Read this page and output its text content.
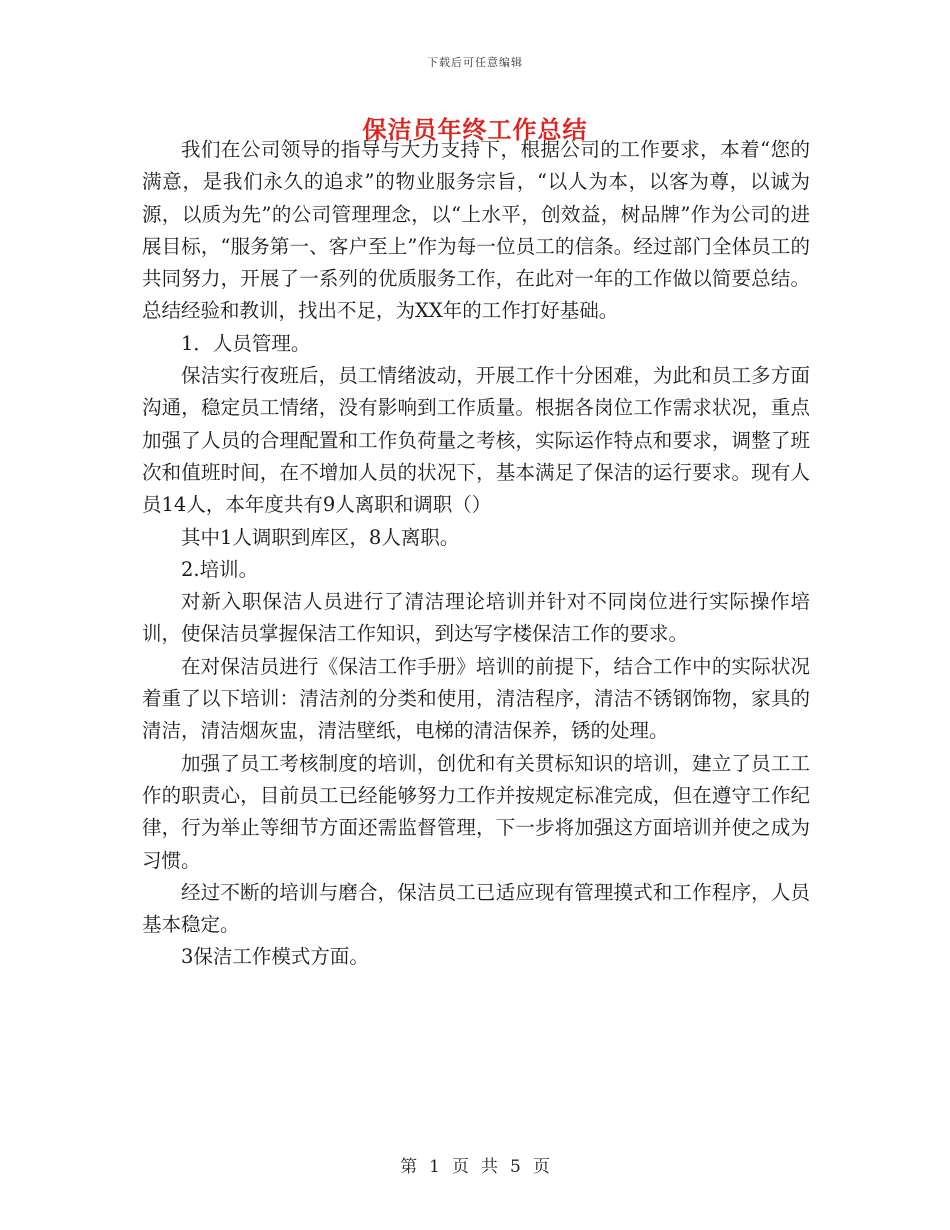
下载后可任意编辑
保洁员年终工作总结

我们在公司领导的指导与大力支持下，根据公司的工作要求，本着“您的满意，是我们永久的追求”的物业服务宗旨，“以人为本，以客为尊，以诚为源，以质为先”的公司管理理念，以“上水平，创效益，树品牌”作为公司的进展目标，“服务第一、客户至上”作为每一位员工的信条。经过部门全体员工的共同努力，开展了一系列的优质服务工作，在此对一年的工作做以简要总结。总结经验和教训，找出不足，为XX年的工作打好基础。

1．人员管理。

保洁实行夜班后，员工情绪波动，开展工作十分困难，为此和员工多方面沟通，稳定员工情绪，没有影响到工作质量。根据各岗位工作需求状况，重点加强了人员的合理配置和工作负荷量之考核，实际运作特点和要求，调整了班次和值班时间，在不增加人员的状况下，基本满足了保洁的运行要求。现有人员14人，本年度共有9人离职和调职（）

其中1人调职到库区，8人离职。

2.培训。

对新入职保洁人员进行了清洁理论培训并针对不同岗位进行实际操作培训，使保洁员掌握保洁工作知识，到达写字楼保洁工作的要求。

在对保洁员进行《保洁工作手册》培训的前提下，结合工作中的实际状况着重了以下培训：清洁剂的分类和使用，清洁程序，清洁不锈钢饰物，家具的清洁，清洁烟灰盅，清洁壁纸，电梯的清洁保养，锈的处理。

加强了员工考核制度的培训，创优和有关贯标知识的培训，建立了员工工作的职责心，目前员工已经能够努力工作并按规定标准完成，但在遵守工作纪律，行为举止等细节方面还需监督管理，下一步将加强这方面培训并使之成为习惯。

经过不断的培训与磨合，保洁员工已适应现有管理摸式和工作程序，人员基本稳定。

3保洁工作模式方面。

第 1 页 共 5 页
